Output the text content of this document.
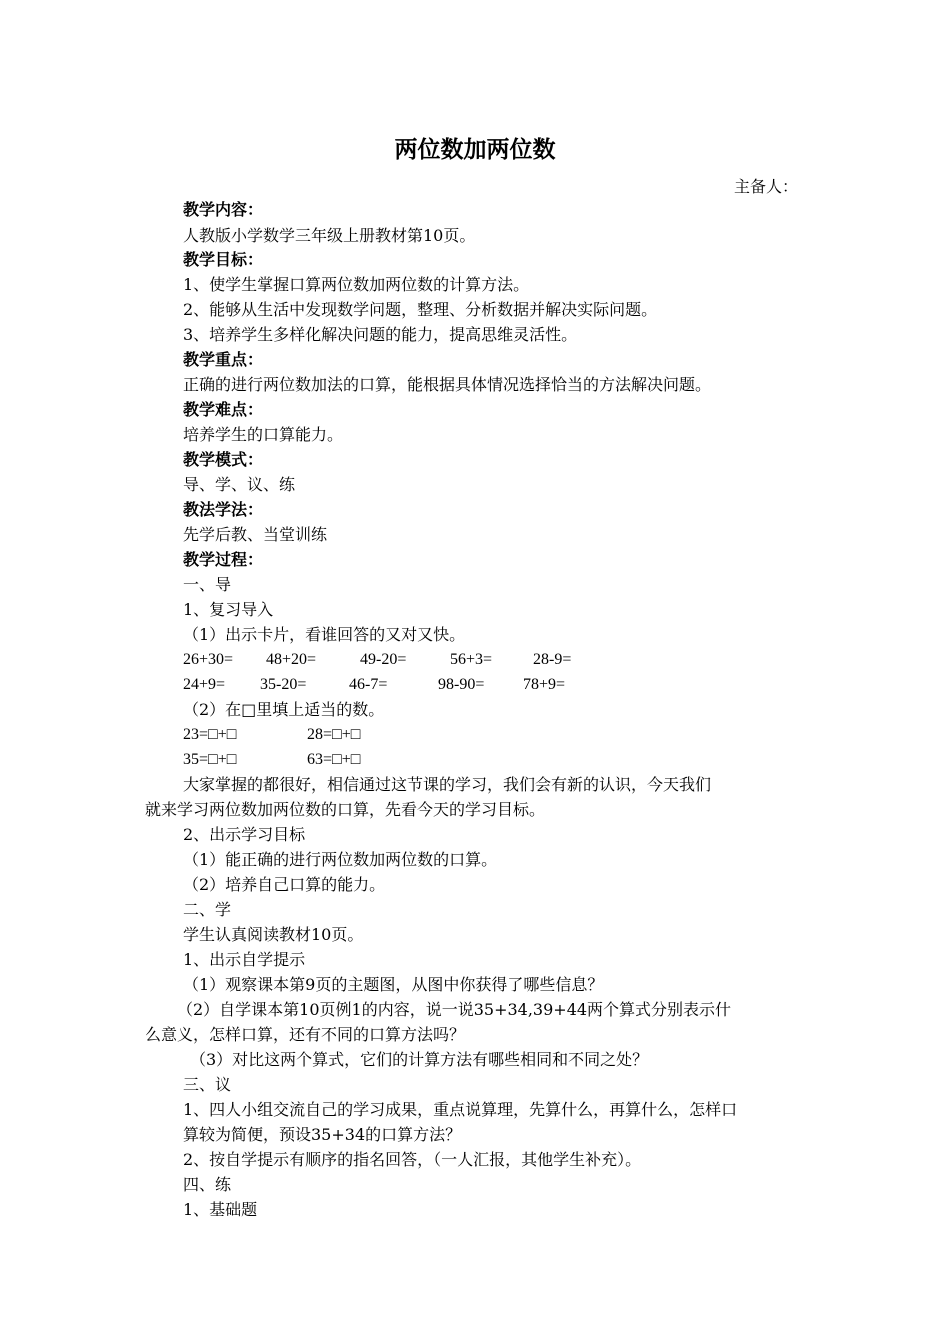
两位数加两位数
主备人：
教学内容：
人教版小学数学三年级上册教材第10页。
教学目标：
1、使学生掌握口算两位数加两位数的计算方法。
2、能够从生活中发现数学问题，整理、分析数据并解决实际问题。
3、培养学生多样化解决问题的能力，提高思维灵活性。
教学重点：
正确的进行两位数加法的口算，能根据具体情况选择恰当的方法解决问题。
教学难点：
培养学生的口算能力。
教学模式：
导、学、议、练
教法学法：
先学后教、当堂训练
教学过程：
一、导
1、复习导入
（1）出示卡片，看谁回答的又对又快。
26+30= 48+20=	49-20=	56+3=	28-9=
24+9= 35-20=	46-7=	98-90= 78+9=
（2）在□里填上适当的数。
23=□+□	28=□+□
35=□+□	63=□+□
大家掌握的都很好，相信通过这节课的学习，我们会有新的认识，今天我们
就来学习两位数加两位数的口算，先看今天的学习目标。
2、出示学习目标
（1）能正确的进行两位数加两位数的口算。
（2）培养自己口算的能力。
二、学
学生认真阅读教材10页。
1、出示自学提示
（1）观察课本第9页的主题图，从图中你获得了哪些信息？
（2）自学课本第10页例1的内容，说一说35+34,39+44两个算式分别表示什
么意义，怎样口算，还有不同的口算方法吗？
（3）对比这两个算式，它们的计算方法有哪些相同和不同之处？
三、议
1、四人小组交流自己的学习成果，重点说算理，先算什么，再算什么，怎样口
算较为简便，预设35+34的口算方法？
2、按自学提示有顺序的指名回答，（一人汇报，其他学生补充）。
四、练
1、基础题
